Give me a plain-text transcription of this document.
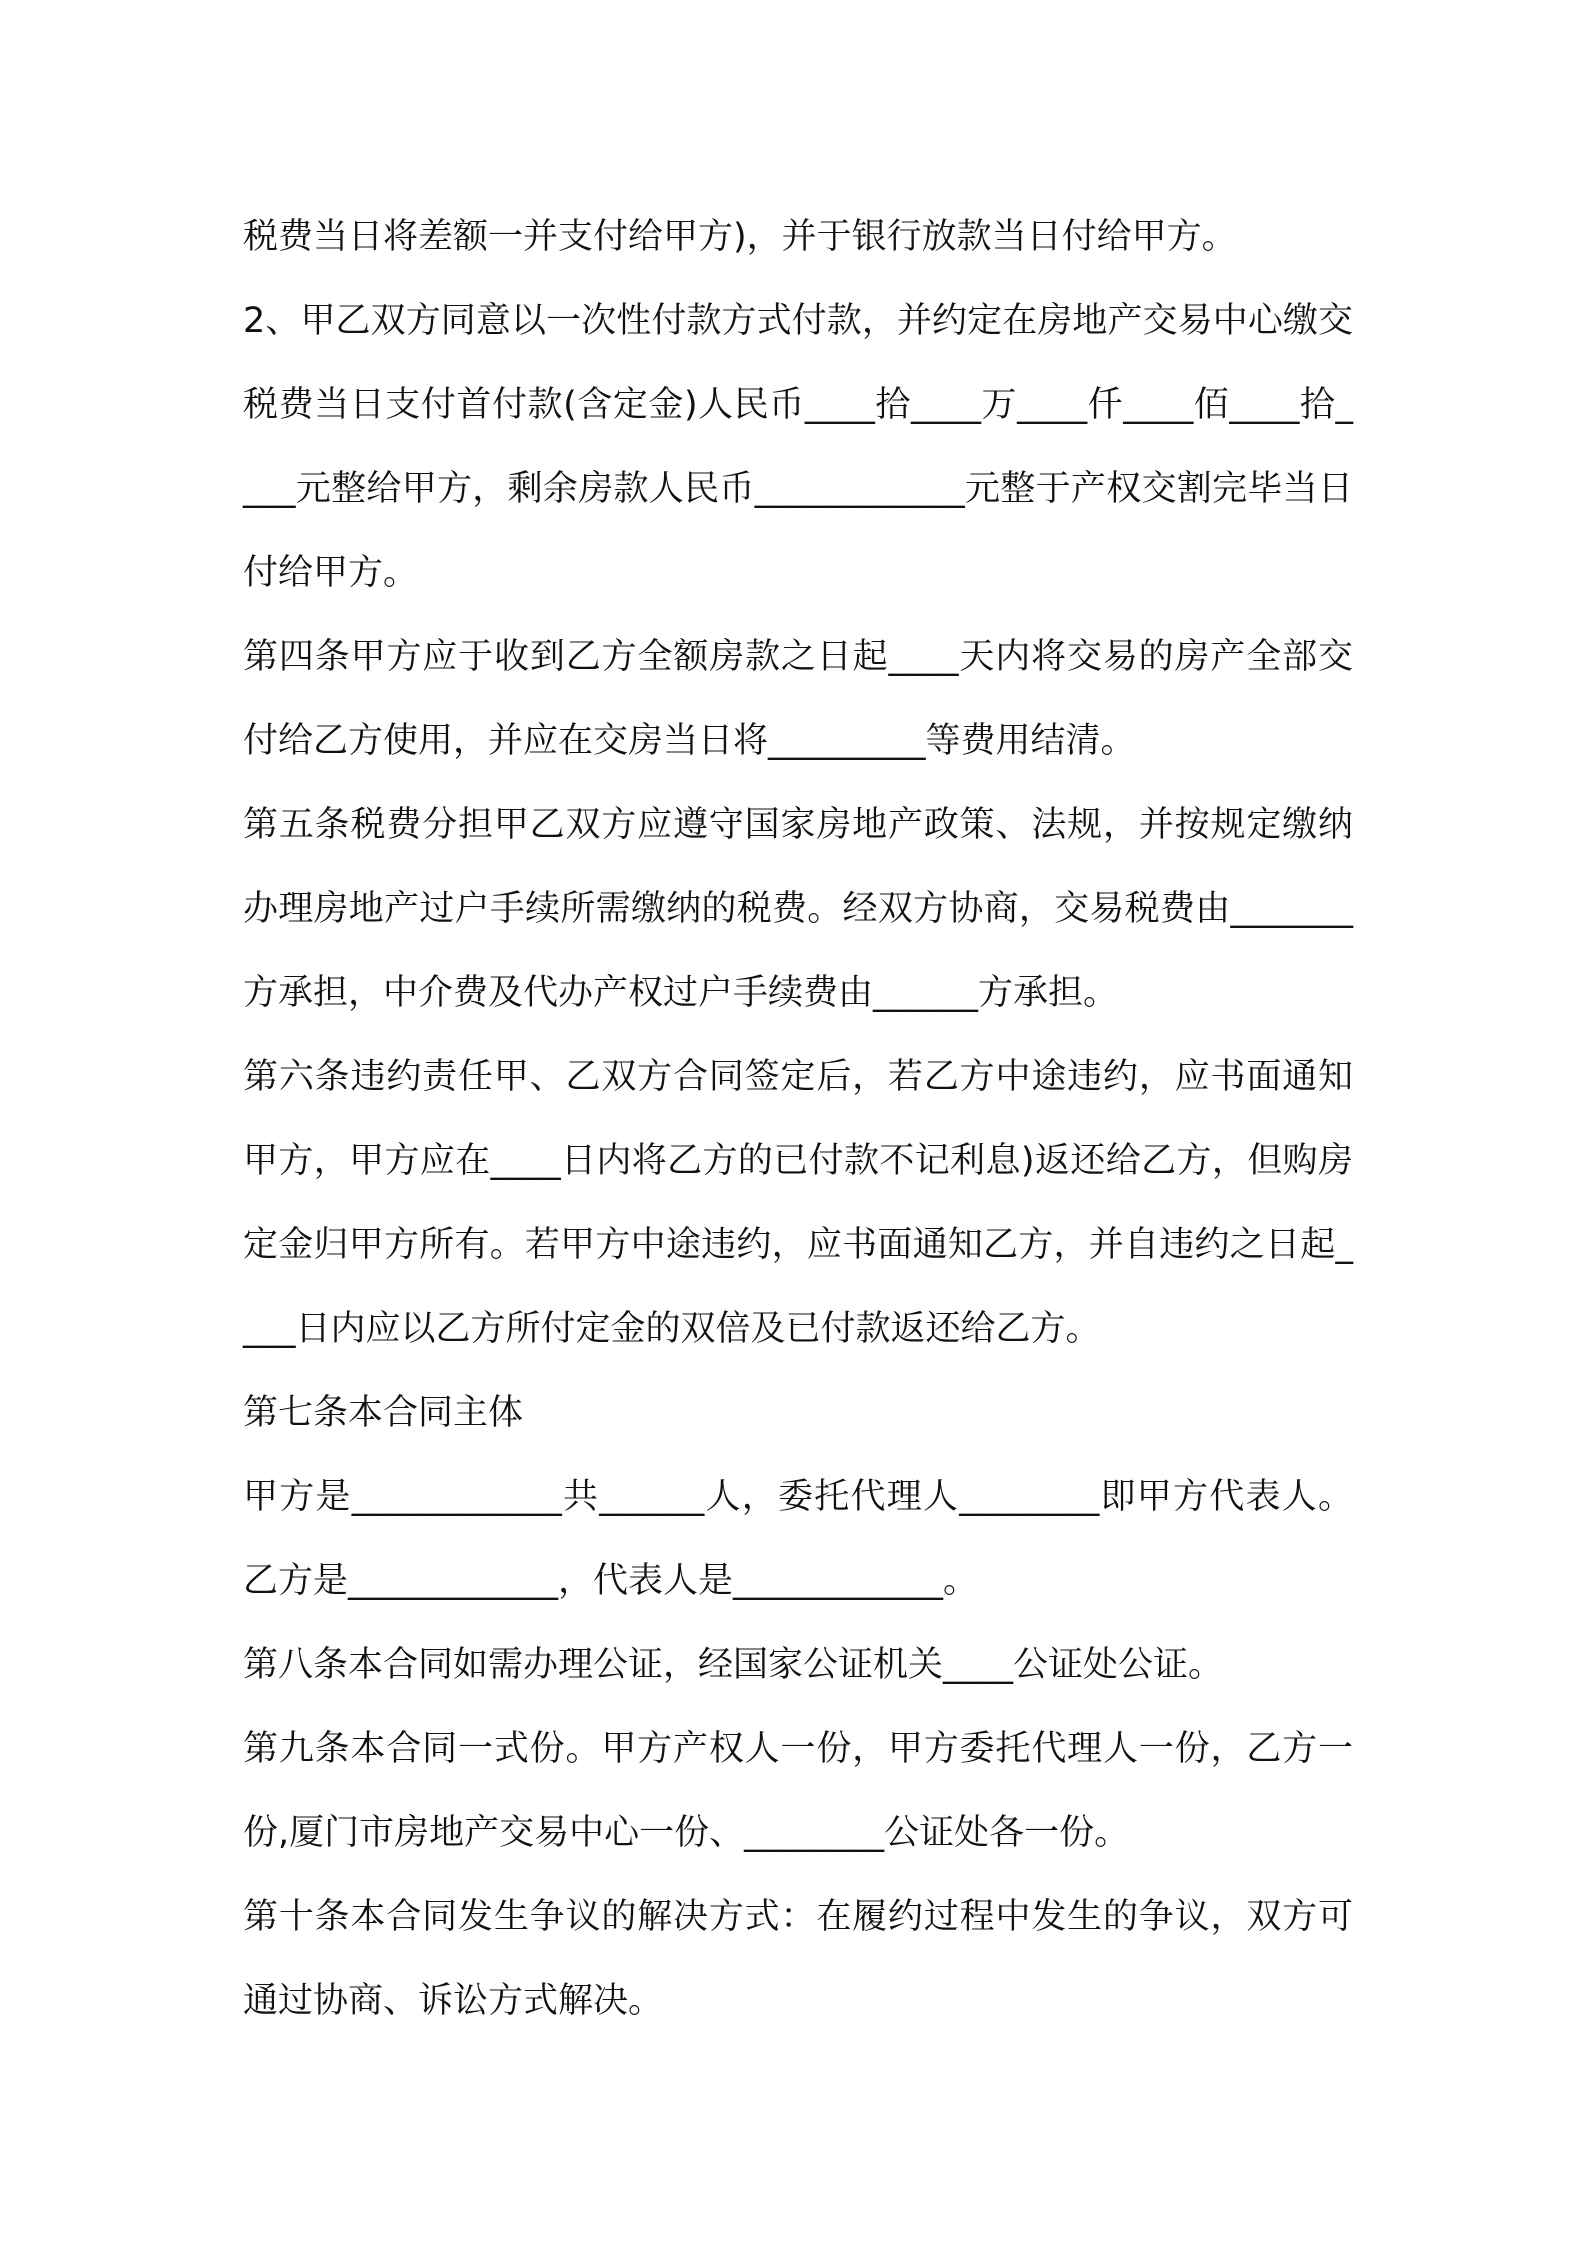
税费当日将差额一并支付给甲方)，并于银行放款当日付给甲方。

2、甲乙双方同意以一次性付款方式付款，并约定在房地产交易中心缴交税费当日支付首付款(含定金)人民币____拾____万____仟____佰____拾____元整给甲方，剩余房款人民币____________元整于产权交割完毕当日付给甲方。

第四条甲方应于收到乙方全额房款之日起____天内将交易的房产全部交付给乙方使用，并应在交房当日将_________等费用结清。

第五条税费分担甲乙双方应遵守国家房地产政策、法规，并按规定缴纳办理房地产过户手续所需缴纳的税费。经双方协商，交易税费由_______方承担，中介费及代办产权过户手续费由______方承担。

第六条违约责任甲、乙双方合同签定后，若乙方中途违约，应书面通知甲方，甲方应在____日内将乙方的已付款不记利息)返还给乙方，但购房定金归甲方所有。若甲方中途违约，应书面通知乙方，并自违约之日起____日内应以乙方所付定金的双倍及已付款返还给乙方。

第七条本合同主体

甲方是____________共______人，委托代理人________即甲方代表人。乙方是____________，代表人是____________。

第八条本合同如需办理公证，经国家公证机关____公证处公证。

第九条本合同一式份。甲方产权人一份，甲方委托代理人一份，乙方一份,厦门市房地产交易中心一份、________公证处各一份。

第十条本合同发生争议的解决方式：在履约过程中发生的争议，双方可通过协商、诉讼方式解决。
